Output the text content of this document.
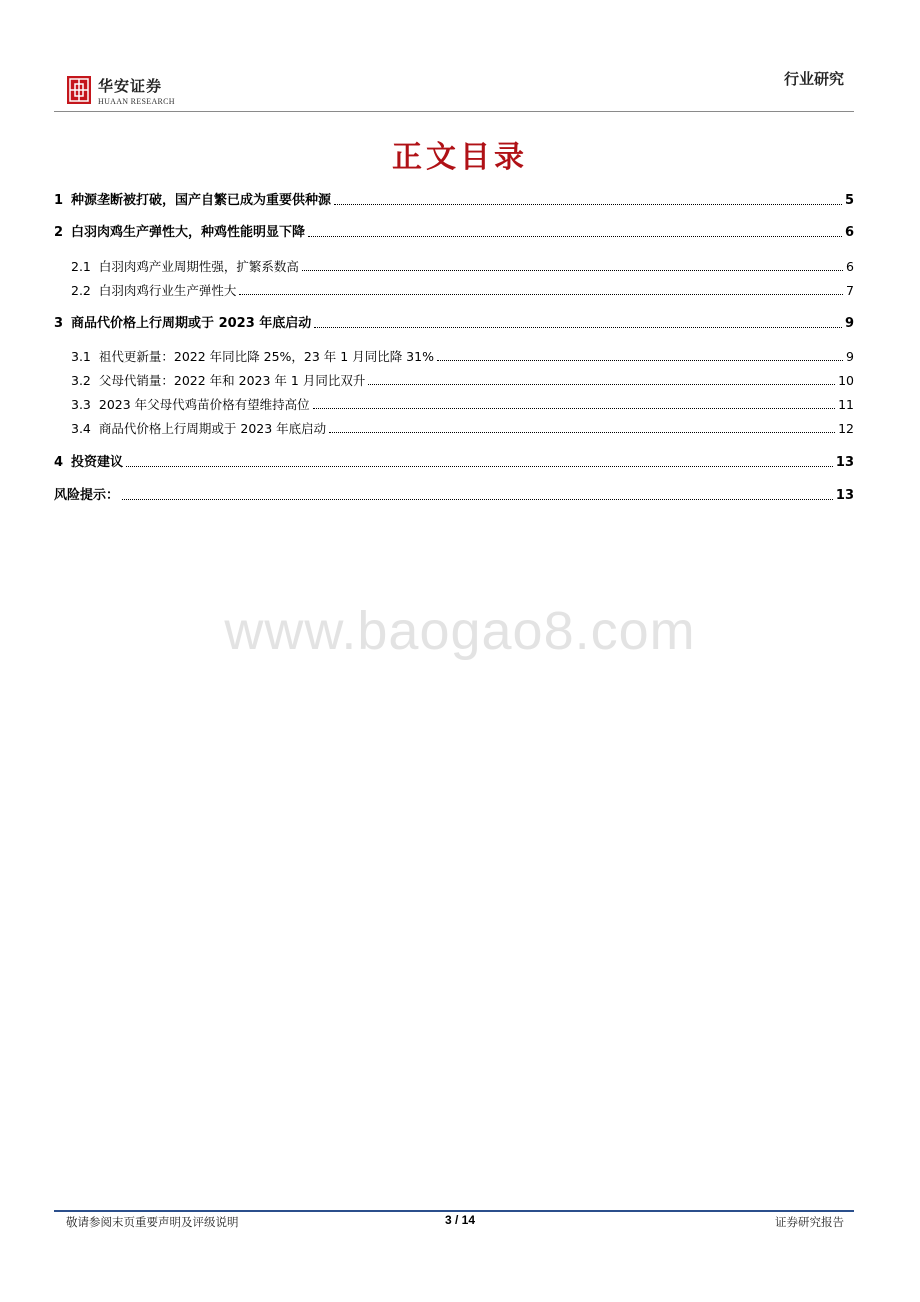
华安证券
HUAAN RESEARCH
行业研究
正文目录
1 种源垄断被打破，国产自繁已成为重要供种源	5
2 白羽肉鸡生产弹性大，种鸡性能明显下降	6
2.1 白羽肉鸡产业周期性强，扩繁系数高	6
2.2 白羽肉鸡行业生产弹性大	7
3 商品代价格上行周期或于 2023 年底启动	9
3.1 祖代更新量：2022 年同比降 25%，23 年 1 月同比降 31%	9
3.2 父母代销量：2022 年和 2023 年 1 月同比双升	10
3.3 2023 年父母代鸡苗价格有望维持高位	11
3.4 商品代价格上行周期或于 2023 年底启动	12
4 投资建议	13
风险提示：	13
www.baogao8.com
敬请参阅末页重要声明及评级说明	3 / 14	证券研究报告
